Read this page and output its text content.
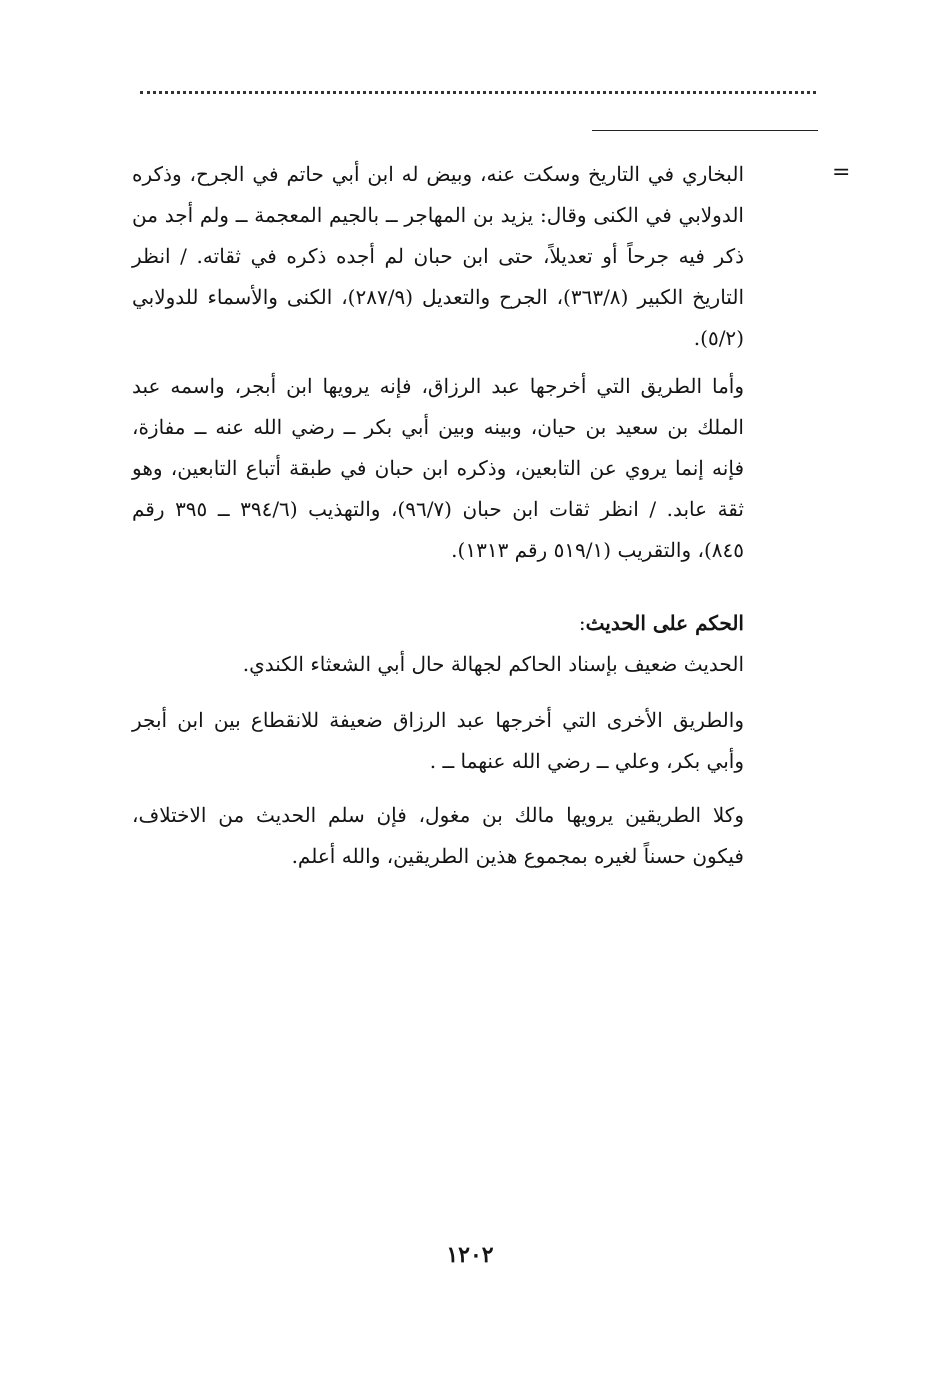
=

البخاري في التاريخ وسكت عنه، وبيض له ابن أبي حاتم في الجرح، وذكره الدولابي في الكنى وقال: يزيد بن المهاجر ــ بالجيم المعجمة ــ ولم أجد من ذكر فيه جرحاً أو تعديلاً، حتى ابن حبان لم أجده ذكره في ثقاته. / انظر التاريخ الكبير (٣٦٣/٨)، الجرح والتعديل (٢٨٧/٩)، الكنى والأسماء للدولابي (٥/٢).

وأما الطريق التي أخرجها عبد الرزاق، فإنه يرويها ابن أبجر، واسمه عبد الملك بن سعيد بن حيان، وبينه وبين أبي بكر ــ رضي الله عنه ــ مفازة، فإنه إنما يروي عن التابعين، وذكره ابن حبان في طبقة أتباع التابعين، وهو ثقة عابد. / انظر ثقات ابن حبان (٩٦/٧)، والتهذيب (٣٩٤/٦ ــ ٣٩٥ رقم ٨٤٥)، والتقريب (٥١٩/١ رقم ١٣١٣).

الحكم على الحديث:

الحديث ضعيف بإسناد الحاكم لجهالة حال أبي الشعثاء الكندي.

والطريق الأخرى التي أخرجها عبد الرزاق ضعيفة للانقطاع بين ابن أبجر وأبي بكر، وعلي ــ رضي الله عنهما ــ .

وكلا الطريقين يرويها مالك بن مغول، فإن سلم الحديث من الاختلاف، فيكون حسناً لغيره بمجموع هذين الطريقين، والله أعلم.

١٢٠٢
